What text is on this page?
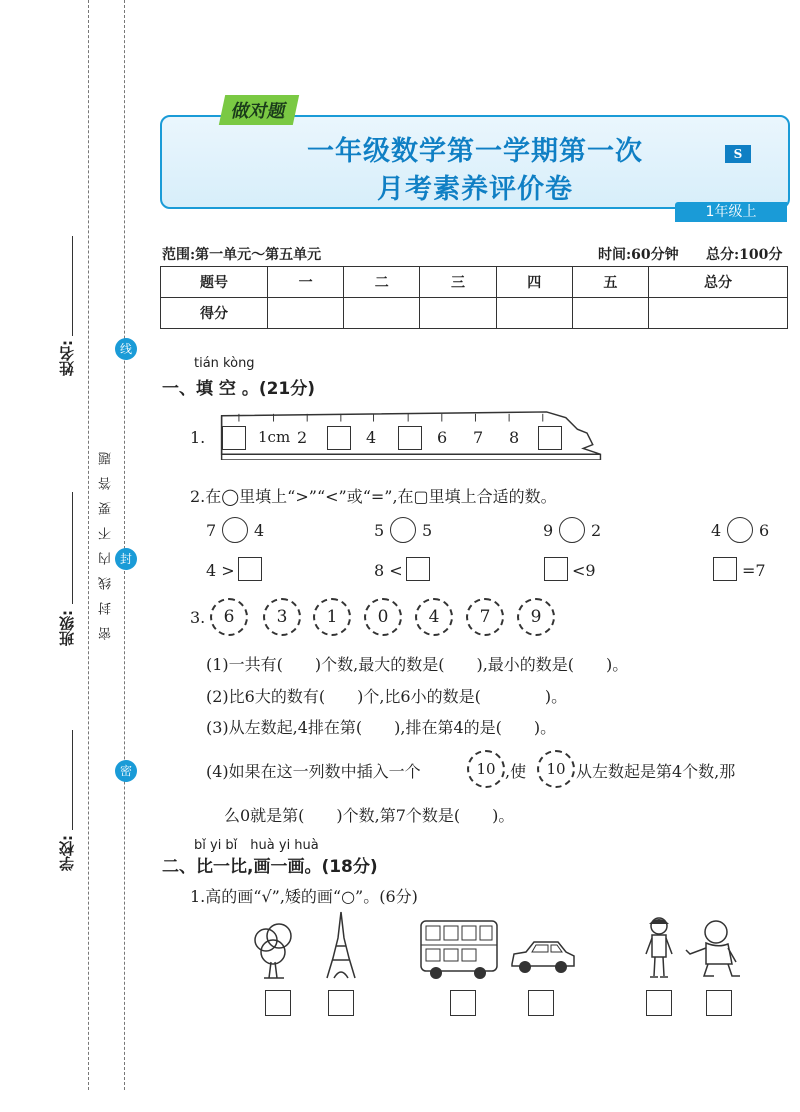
姓名:
班级:
学校:
线
封
密
密封线内不要答题
一年级数学第一学期第一次
月考素养评价卷
做对题
S
1年级上
范围:第一单元～第五单元	时间:60分钟 总分:100分
题号	一	二	三	四	五	总分
得分						
tián kòng
一、填 空 。(21分)
1.	1cm 2	4	6 7 8
2.在◯里填上“>”“<”或“=”,在▢里填上合适的数。
7 4	5 5	9 2	4 6
4 >	8 <	<9	=7
3.	6	3	1	0	4	7	9
(1)一共有(　　)个数,最大的数是(　　),最小的数是(　　)。
(2)比6大的数有(　　)个,比6小的数是(　　　　)。
(3)从左数起,4排在第(　　),排在第4的是(　　)。
(4)如果在这一列数中插入一个	10 ,使	10 从左数起是第4个数,那
么0就是第(　　)个数,第7个数是(　　)。
bǐ yi bǐ　huà yi huà
二、比一比,画一画。(18分)
1.高的画“√”,矮的画“○”。(6分)
